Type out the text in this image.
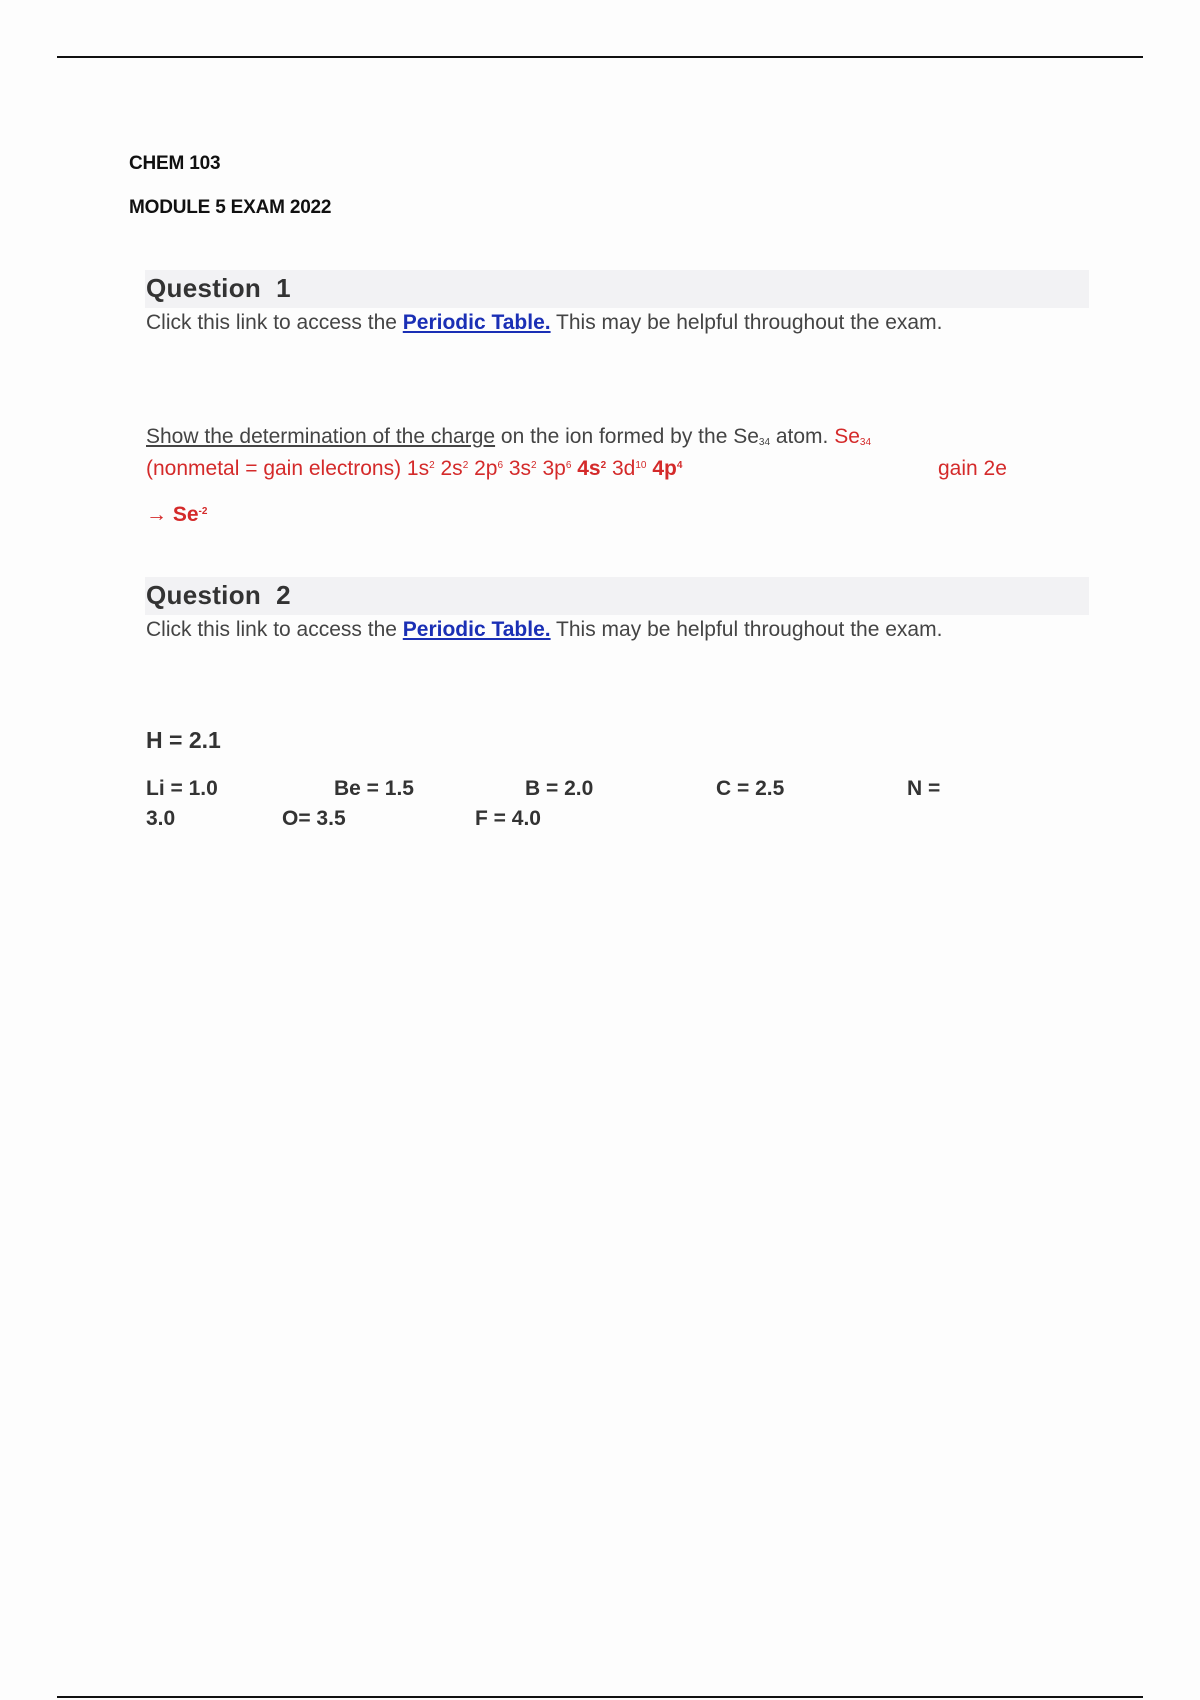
CHEM 103
MODULE 5 EXAM 2022
Question  1
Click this link to access the Periodic Table. This may be helpful throughout the exam.
Show the determination of the charge on the ion formed by the $Se_{34}$ atom. $Se_{34}$
(nonmetal = gain electrons) $1s^2$ $2s^2$ $2p^6$ $3s^2$ $3p^6$ $4s^2$ $3d^{10}$ $4p^4$	gain 2e
→ $Se^{-2}$
Question  2
Click this link to access the Periodic Table. This may be helpful throughout the exam.
H = 2.1
Li = 1.0	Be = 1.5	B = 2.0	C = 2.5	N =
3.0	O= 3.5	F = 4.0
